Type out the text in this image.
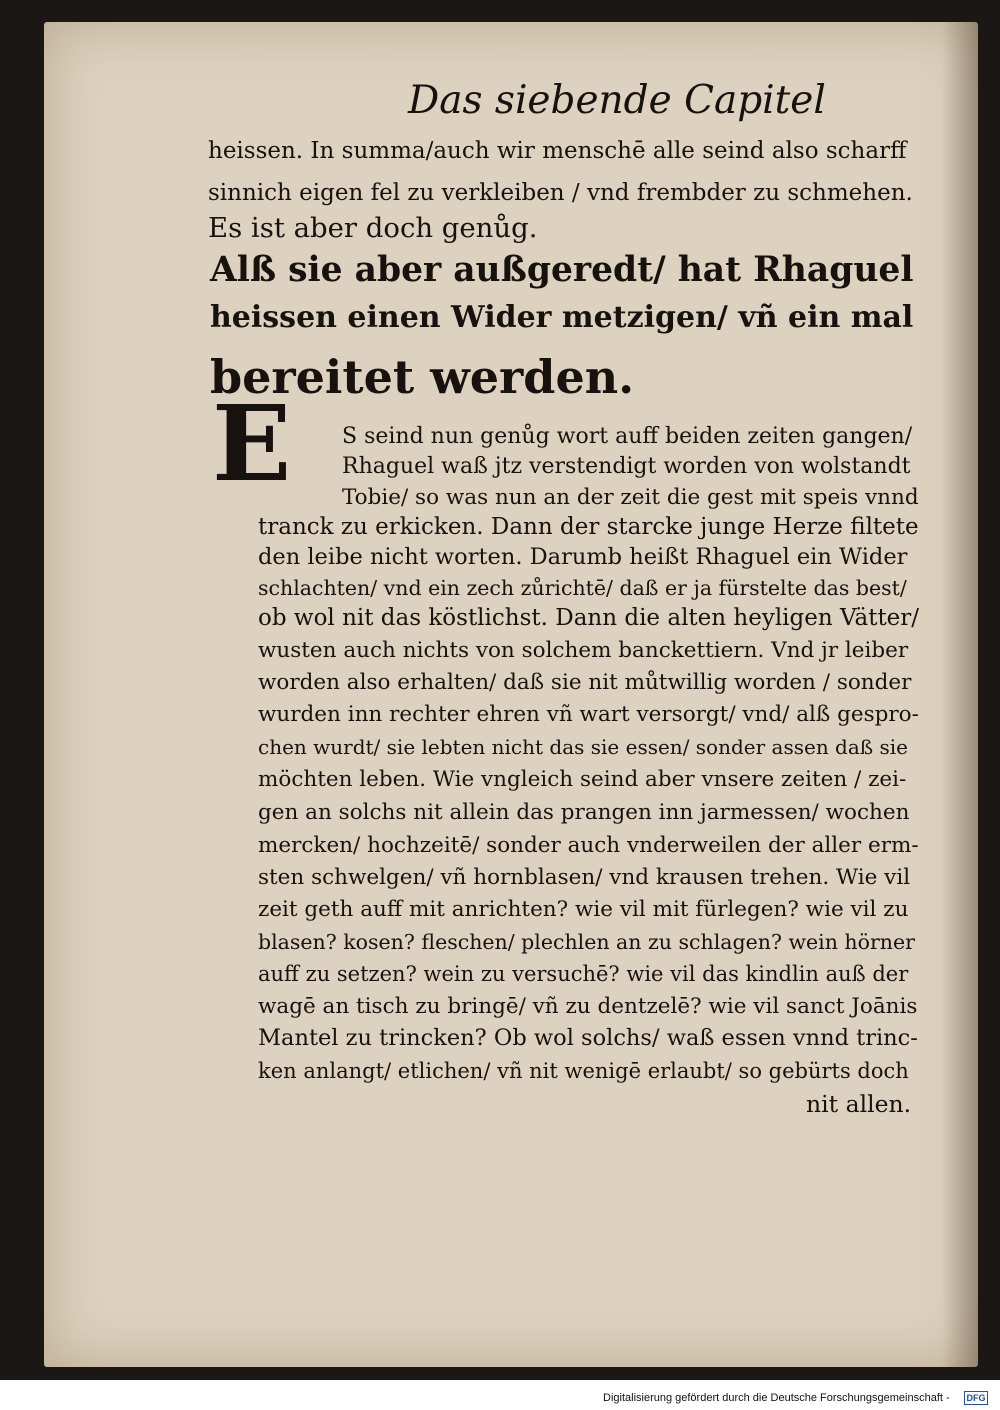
Das siebende Capitel
heissen. In summa/auch wir menschē alle seind also scharff
sinnich eigen fel zu verkleiben / vnd frembder zu schmehen.
Es ist aber doch genůg.
Alß sie aber außgeredt/ hat Rhaguel
heissen einen Wider metzigen/ vñ ein mal
bereitet werden.
E S seind nun genůg wort auff beiden zeiten gangen/
Rhaguel waß jtz verstendigt worden von wolstandt
Tobie/ so was nun an der zeit die gest mit speis vnnd
tranck zu erkicken. Dann der starcke junge Herze filtete
den leibe nicht worten. Darumb heißt Rhaguel ein Wider
schlachten/ vnd ein zech zůrichtē/ daß er ja fürstelte das best/
ob wol nit das köstlichst. Dann die alten heyligen Vätter/
wusten auch nichts von solchem banckettiern. Vnd jr leiber
worden also erhalten/ daß sie nit můtwillig worden / sonder
wurden inn rechter ehren vñ wart versorgt/ vnd/ alß gespro-
chen wurdt/ sie lebten nicht das sie essen/ sonder assen daß sie
möchten leben. Wie vngleich seind aber vnsere zeiten / zei-
gen an solchs nit allein das prangen inn jarmessen/ wochen
mercken/ hochzeitē/ sonder auch vnderweilen der aller erm-
sten schwelgen/ vñ hornblasen/ vnd krausen trehen. Wie vil
zeit geth auff mit anrichten? wie vil mit fürlegen? wie vil zu
blasen? kosen? fleschen/ plechlen an zu schlagen? wein hörner
auff zu setzen? wein zu versuchē? wie vil das kindlin auß der
wagē an tisch zu bringē/ vñ zu dentzelē? wie vil sanct Joānis
Mantel zu trincken? Ob wol solchs/ waß essen vnnd trinc-
ken anlangt/ etlichen/ vñ nit wenigē erlaubt/ so gebürts doch
nit allen.
Digitalisierung gefördert durch die Deutsche Forschungsgemeinschaft - DFG
